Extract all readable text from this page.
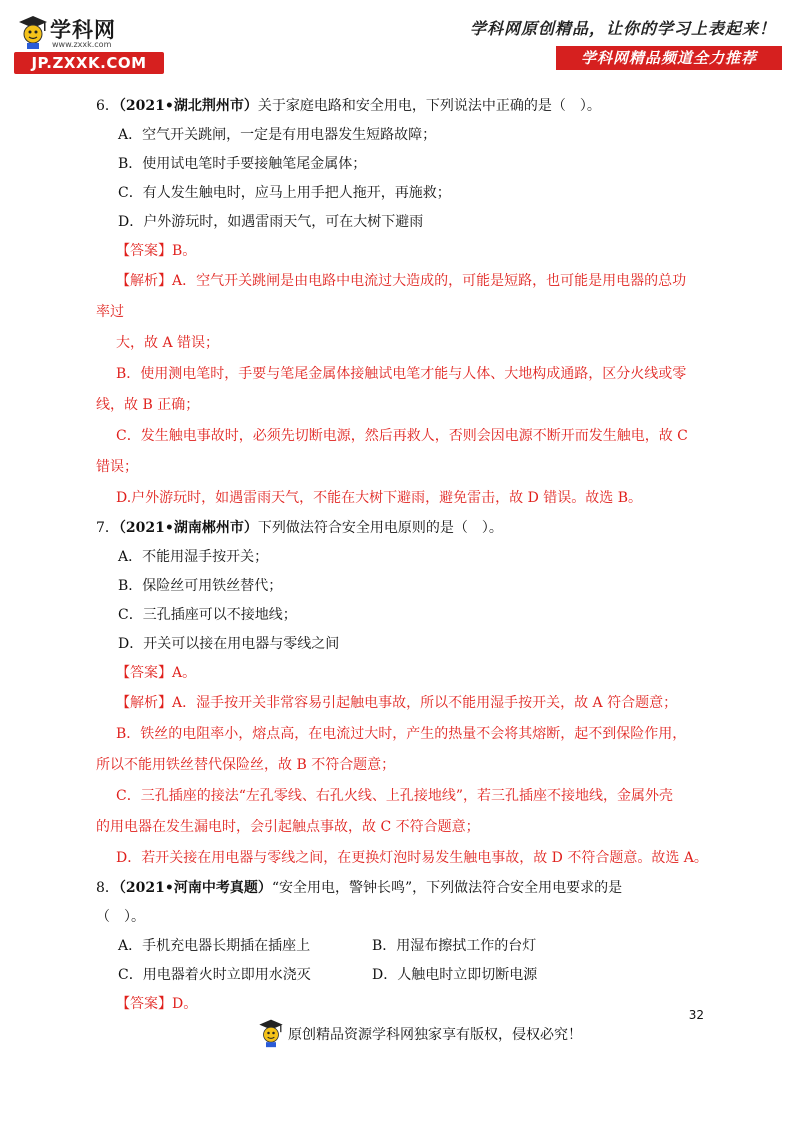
学科网
www.zxxk.com
JP.ZXXK.COM
学科网原创精品，让你的学习上表起来！
学科网精品频道全力推荐
6．（2021•湖北荆州市）关于家庭电路和安全用电，下列说法中正确的是（　）。
A．空气开关跳闸，一定是有用电器发生短路故障；
B．使用试电笔时手要接触笔尾金属体；
C．有人发生触电时，应马上用手把人拖开，再施救；
D．户外游玩时，如遇雷雨天气，可在大树下避雨
【答案】B。
【解析】A．空气开关跳闸是由电路中电流过大造成的，可能是短路，也可能是用电器的总功
率过
大，故 A 错误；
B．使用测电笔时，手要与笔尾金属体接触试电笔才能与人体、大地构成通路，区分火线或零
线，故 B 正确；
C．发生触电事故时，必须先切断电源，然后再救人，否则会因电源不断开而发生触电，故 C
错误；
D.户外游玩时，如遇雷雨天气，不能在大树下避雨，避免雷击，故 D 错误。故选 B。
7．（2021•湖南郴州市）下列做法符合安全用电原则的是（　）。
A．不能用湿手按开关；
B．保险丝可用铁丝替代；
C．三孔插座可以不接地线；
D．开关可以接在用电器与零线之间
【答案】A。
【解析】A．湿手按开关非常容易引起触电事故，所以不能用湿手按开关，故 A 符合题意；
B．铁丝的电阻率小，熔点高，在电流过大时，产生的热量不会将其熔断，起不到保险作用，
所以不能用铁丝替代保险丝，故 B 不符合题意；
C．三孔插座的接法“左孔零线、右孔火线、上孔接地线”，若三孔插座不接地线，金属外壳
的用电器在发生漏电时，会引起触点事故，故 C 不符合题意；
D．若开关接在用电器与零线之间，在更换灯泡时易发生触电事故，故 D 不符合题意。故选 A。
8．（2021•河南中考真题）“安全用电，警钟长鸣”，下列做法符合安全用电要求的是
（　）。
A．手机充电器长期插在插座上	B．用湿布擦拭工作的台灯
C．用电器着火时立即用水浇灭	D．人触电时立即切断电源
【答案】D。
32
原创精品资源学科网独家享有版权，侵权必究！
